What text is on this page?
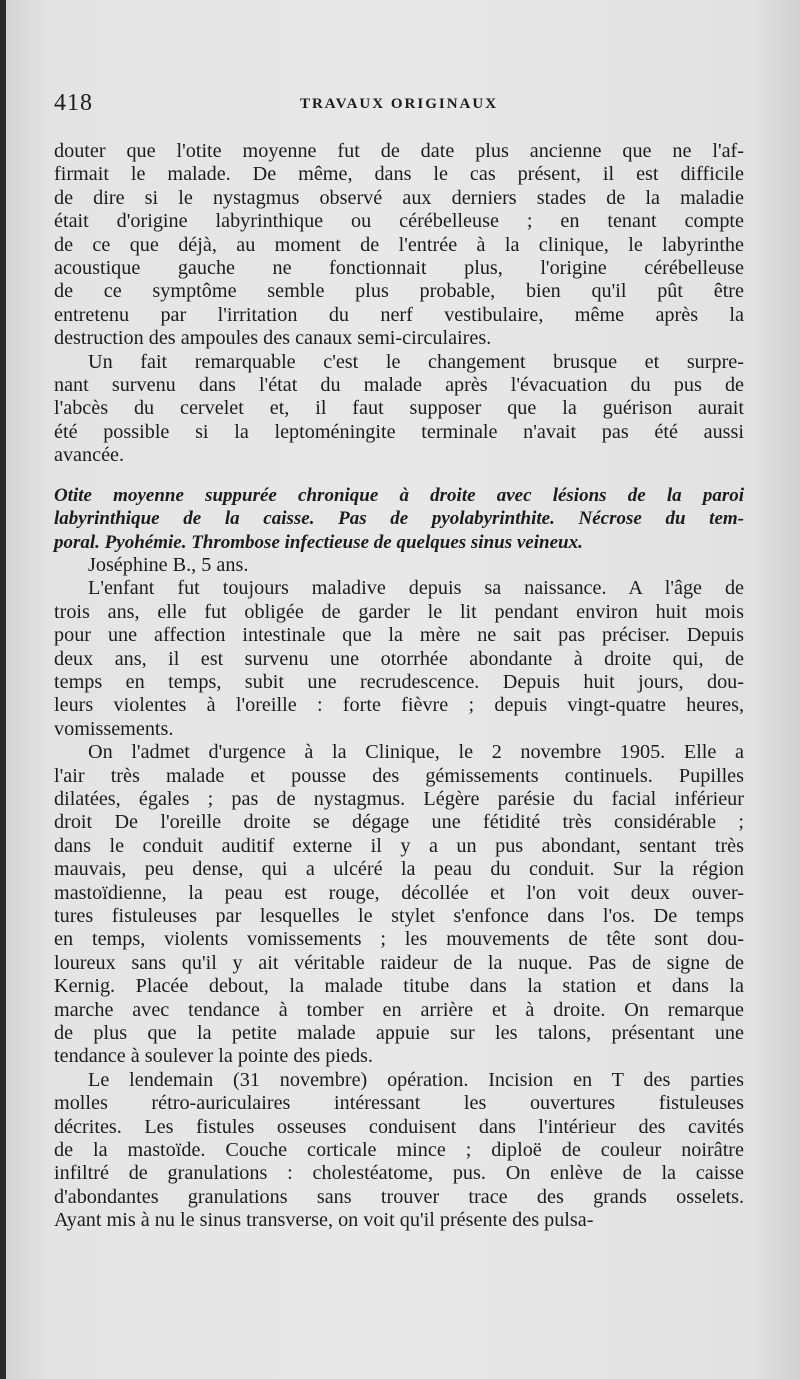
418	TRAVAUX ORIGINAUX

douter que l'otite moyenne fut de date plus ancienne que ne l'af-
firmait le malade. De même, dans le cas présent, il est difficile
de dire si le nystagmus observé aux derniers stades de la maladie
était d'origine labyrinthique ou cérébelleuse ; en tenant compte
de ce que déjà, au moment de l'entrée à la clinique, le labyrinthe
acoustique gauche ne fonctionnait plus, l'origine cérébelleuse
de ce symptôme semble plus probable, bien qu'il pût être
entretenu par l'irritation du nerf vestibulaire, même après la
destruction des ampoules des canaux semi-circulaires.

Un fait remarquable c'est le changement brusque et surpre-
nant survenu dans l'état du malade après l'évacuation du pus de
l'abcès du cervelet et, il faut supposer que la guérison aurait
été possible si la leptoméningite terminale n'avait pas été aussi
avancée.

Otite moyenne suppurée chronique à droite avec lésions de la paroi
labyrinthique de la caisse. Pas de pyolabyrinthite. Nécrose du tem-
poral. Pyohémie. Thrombose infectieuse de quelques sinus veineux.

Joséphine B., 5 ans.

L'enfant fut toujours maladive depuis sa naissance. A l'âge de
trois ans, elle fut obligée de garder le lit pendant environ huit mois
pour une affection intestinale que la mère ne sait pas préciser. Depuis
deux ans, il est survenu une otorrhée abondante à droite qui, de
temps en temps, subit une recrudescence. Depuis huit jours, dou-
leurs violentes à l'oreille : forte fièvre ; depuis vingt-quatre heures,
vomissements.

On l'admet d'urgence à la Clinique, le 2 novembre 1905. Elle a
l'air très malade et pousse des gémissements continuels. Pupilles
dilatées, égales ; pas de nystagmus. Légère parésie du facial inférieur
droit De l'oreille droite se dégage une fétidité très considérable ;
dans le conduit auditif externe il y a un pus abondant, sentant très
mauvais, peu dense, qui a ulcéré la peau du conduit. Sur la région
mastoïdienne, la peau est rouge, décollée et l'on voit deux ouver-
tures fistuleuses par lesquelles le stylet s'enfonce dans l'os. De temps
en temps, violents vomissements ; les mouvements de tête sont dou-
loureux sans qu'il y ait véritable raideur de la nuque. Pas de signe de
Kernig. Placée debout, la malade titube dans la station et dans la
marche avec tendance à tomber en arrière et à droite. On remarque
de plus que la petite malade appuie sur les talons, présentant une
tendance à soulever la pointe des pieds.

Le lendemain (31 novembre) opération. Incision en T des parties
molles rétro-auriculaires intéressant les ouvertures fistuleuses
décrites. Les fistules osseuses conduisent dans l'intérieur des cavités
de la mastoïde. Couche corticale mince ; diploë de couleur noirâtre
infiltré de granulations : cholestéatome, pus. On enlève de la caisse
d'abondantes granulations sans trouver trace des grands osselets.
Ayant mis à nu le sinus transverse, on voit qu'il présente des pulsa-
